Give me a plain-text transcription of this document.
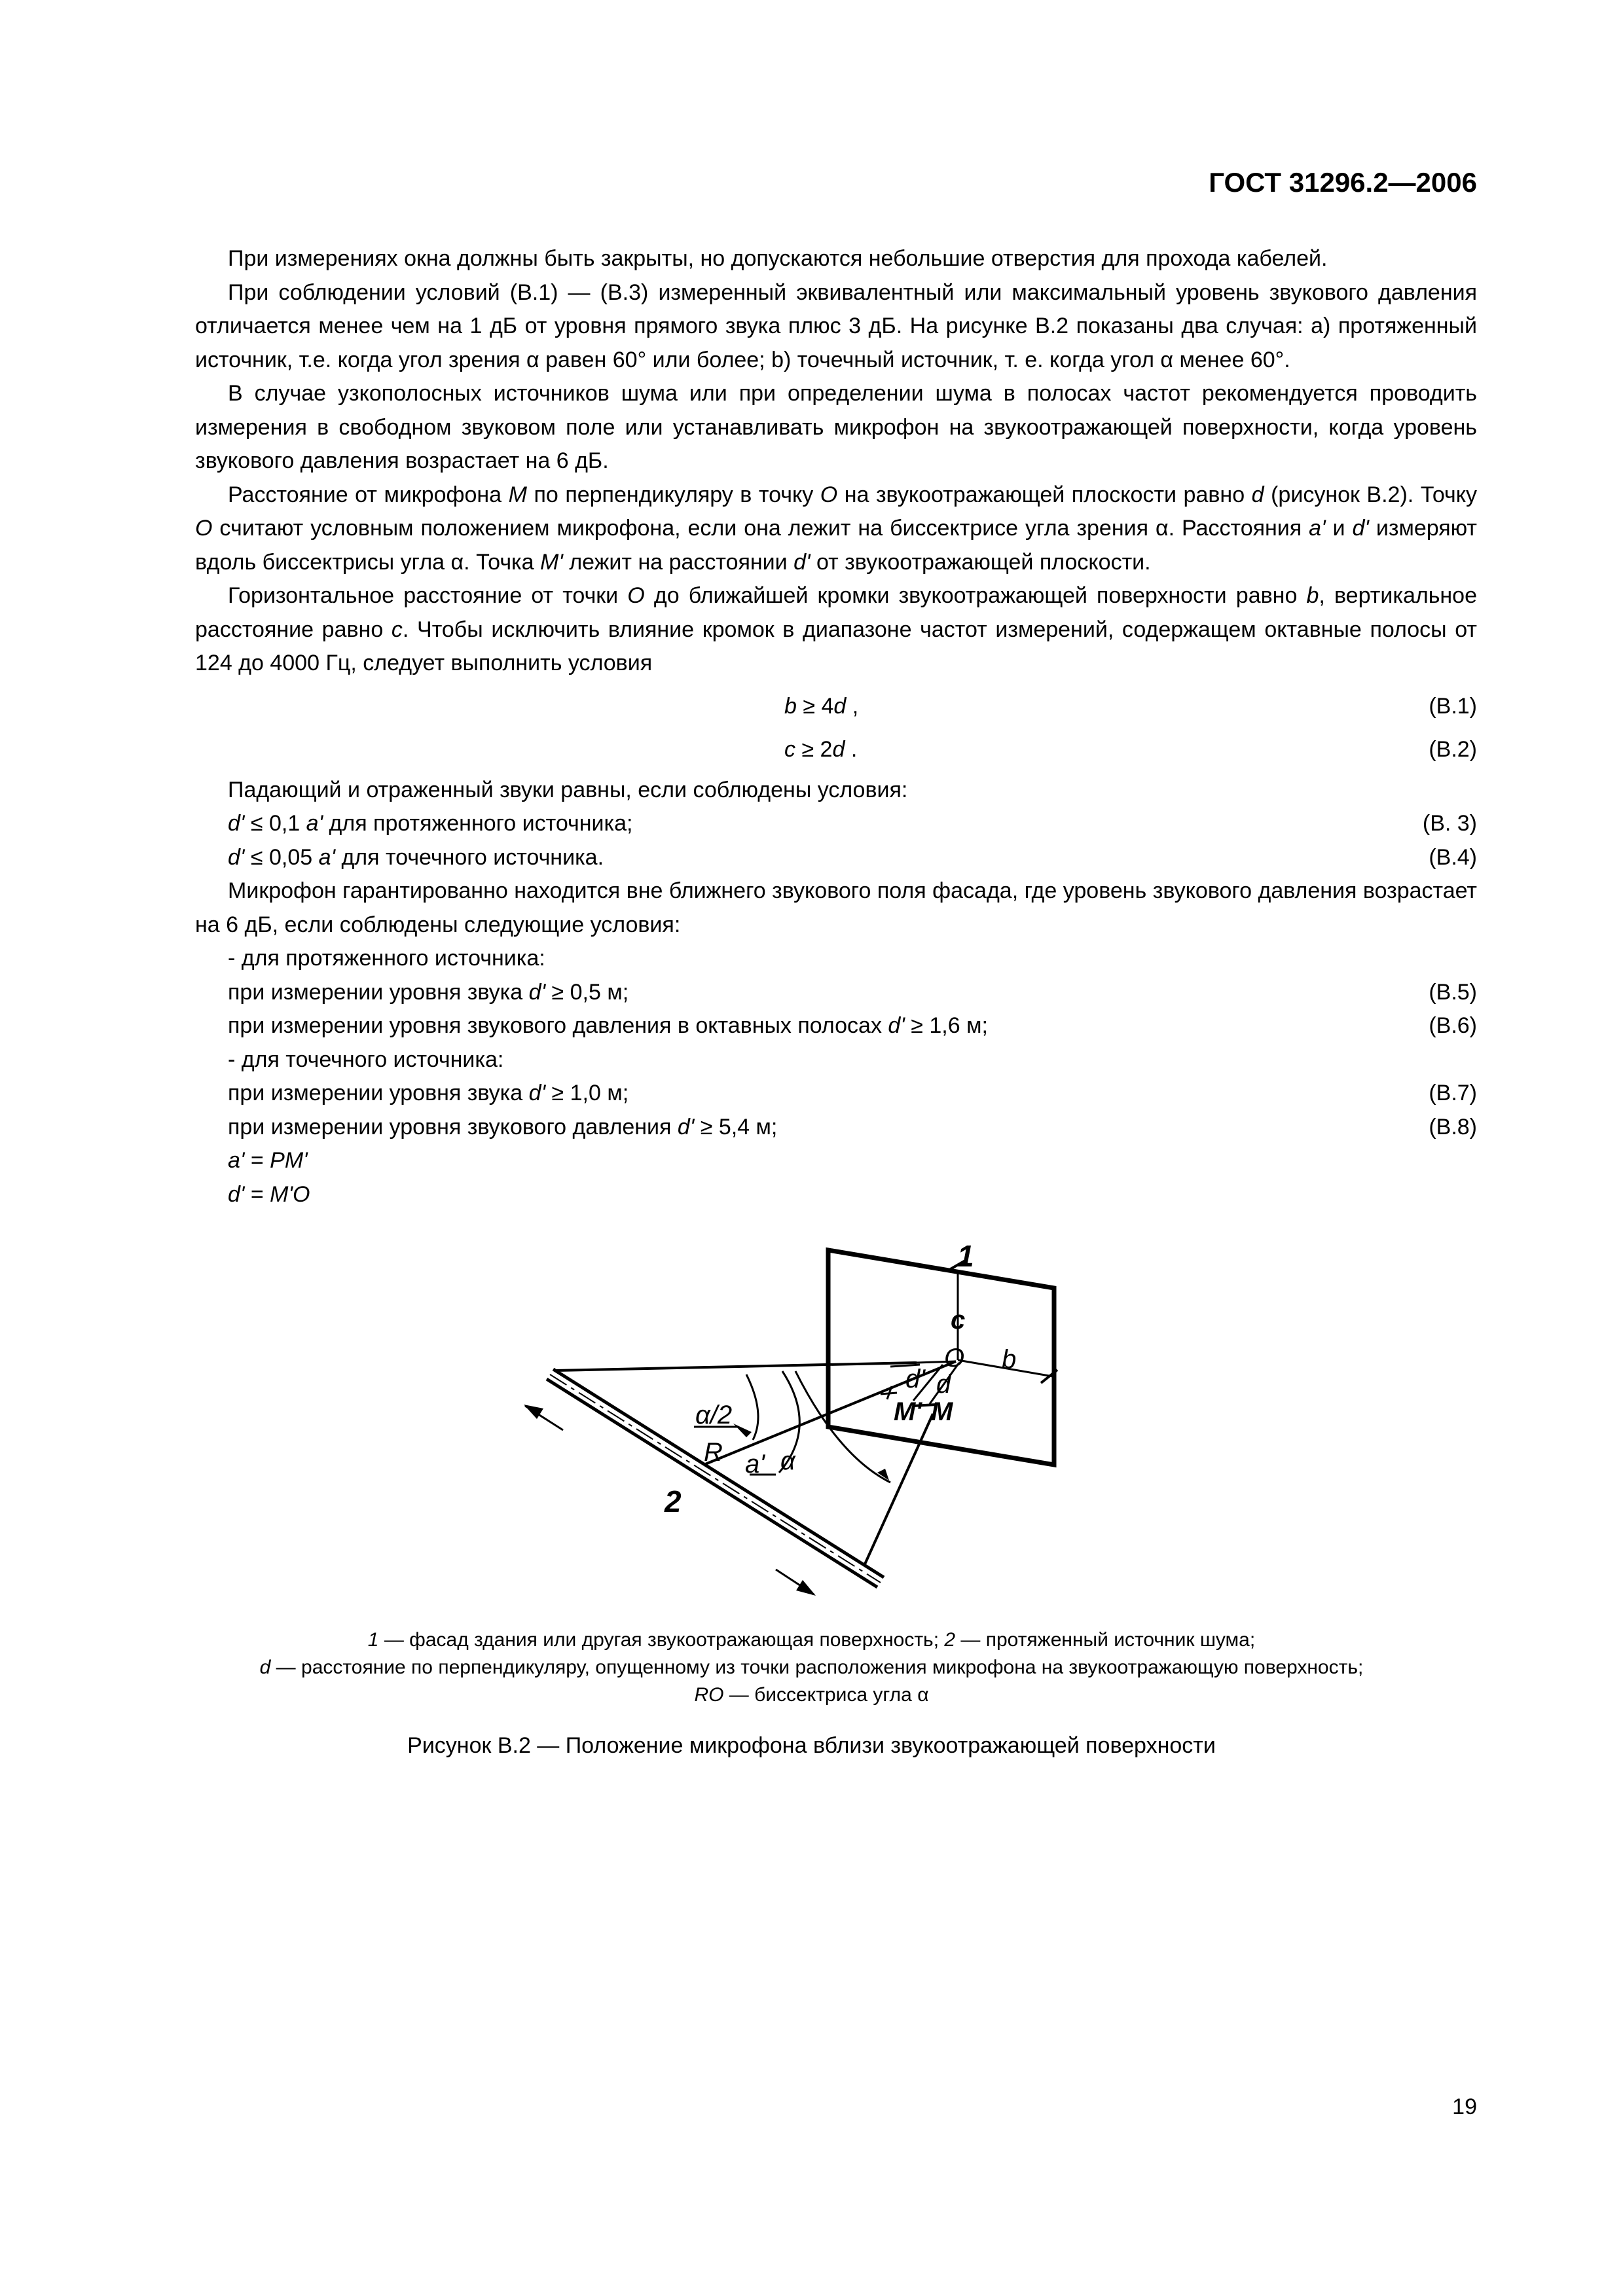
ГОСТ 31296.2—2006

При измерениях окна должны быть закрыты, но допускаются небольшие отверстия для прохода кабелей.

При соблюдении условий (В.1) — (В.3) измеренный эквивалентный или максимальный уровень звукового давления отличается менее чем на 1 дБ от уровня прямого звука плюс 3 дБ. На рисунке В.2 показаны два случая: а) протяженный источник, т.е. когда угол зрения α равен 60° или более; b) точечный источник, т. е. когда угол α менее 60°.

В случае узкополосных источников шума или при определении шума в полосах частот рекомендуется проводить измерения в свободном звуковом поле или устанавливать микрофон на звукоотражающей поверхности, когда уровень звукового давления возрастает на 6 дБ.

Расстояние от микрофона M по перпендикуляру в точку O на звукоотражающей плоскости равно d (рисунок В.2). Точку O считают условным положением микрофона, если она лежит на биссектрисе угла зрения α. Расстояния a' и d' измеряют вдоль биссектрисы угла α. Точка M' лежит на расстоянии d' от звукоотражающей плоскости.

Горизонтальное расстояние от точки O до ближайшей кромки звукоотражающей поверхности равно b, вертикальное расстояние равно c. Чтобы исключить влияние кромок в диапазоне частот измерений, содержащем октавные полосы от 124 до 4000 Гц, следует выполнить условия

b ≥ 4d ,	(В.1)
c ≥ 2d .	(В.2)

Падающий и отраженный звуки равны, если соблюдены условия:

d' ≤ 0,1 a' для протяженного источника;	(В. 3)
d' ≤ 0,05 a' для точечного источника.	(В.4)

Микрофон гарантированно находится вне ближнего звукового поля фасада, где уровень звукового давления возрастает на 6 дБ, если соблюдены следующие условия:

- для протяженного источника:

при измерении уровня звука d' ≥ 0,5 м;	(В.5)
при измерении уровня звукового давления в октавных полосах d' ≥ 1,6 м;	(В.6)

- для точечного источника:

при измерении уровня звука d' ≥ 1,0 м;	(В.7)
при измерении уровня звукового давления d' ≥ 5,4 м;	(В.8)
a' = PM'
d' = M'O
1
c
O b
d' d
M' M
α/2
R a' α
2
1 — фасад здания или другая звукоотражающая поверхность; 2 — протяженный источник шума;
d — расстояние по перпендикуляру, опущенному из точки расположения микрофона на звукоотражающую поверхность;
RO — биссектриса угла α
Рисунок В.2 — Положение микрофона вблизи звукоотражающей поверхности
19
